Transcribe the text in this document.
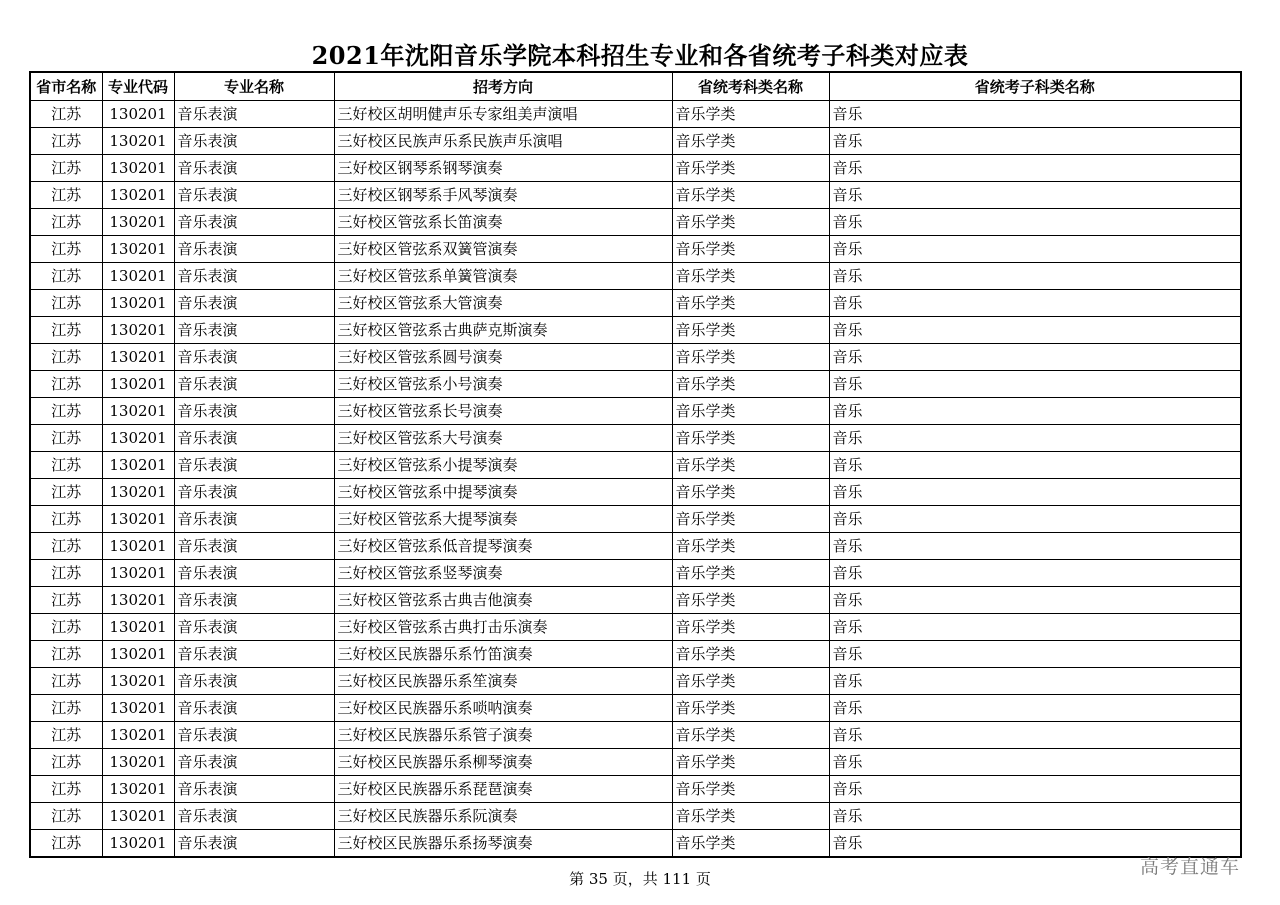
2021年沈阳音乐学院本科招生专业和各省统考子科类对应表
省市名称	专业代码	专业名称	招考方向	省统考科类名称	省统考子科类名称
江苏	130201	音乐表演	三好校区胡明健声乐专家组美声演唱	音乐学类	音乐
江苏	130201	音乐表演	三好校区民族声乐系民族声乐演唱	音乐学类	音乐
江苏	130201	音乐表演	三好校区钢琴系钢琴演奏	音乐学类	音乐
江苏	130201	音乐表演	三好校区钢琴系手风琴演奏	音乐学类	音乐
江苏	130201	音乐表演	三好校区管弦系长笛演奏	音乐学类	音乐
江苏	130201	音乐表演	三好校区管弦系双簧管演奏	音乐学类	音乐
江苏	130201	音乐表演	三好校区管弦系单簧管演奏	音乐学类	音乐
江苏	130201	音乐表演	三好校区管弦系大管演奏	音乐学类	音乐
江苏	130201	音乐表演	三好校区管弦系古典萨克斯演奏	音乐学类	音乐
江苏	130201	音乐表演	三好校区管弦系圆号演奏	音乐学类	音乐
江苏	130201	音乐表演	三好校区管弦系小号演奏	音乐学类	音乐
江苏	130201	音乐表演	三好校区管弦系长号演奏	音乐学类	音乐
江苏	130201	音乐表演	三好校区管弦系大号演奏	音乐学类	音乐
江苏	130201	音乐表演	三好校区管弦系小提琴演奏	音乐学类	音乐
江苏	130201	音乐表演	三好校区管弦系中提琴演奏	音乐学类	音乐
江苏	130201	音乐表演	三好校区管弦系大提琴演奏	音乐学类	音乐
江苏	130201	音乐表演	三好校区管弦系低音提琴演奏	音乐学类	音乐
江苏	130201	音乐表演	三好校区管弦系竖琴演奏	音乐学类	音乐
江苏	130201	音乐表演	三好校区管弦系古典吉他演奏	音乐学类	音乐
江苏	130201	音乐表演	三好校区管弦系古典打击乐演奏	音乐学类	音乐
江苏	130201	音乐表演	三好校区民族器乐系竹笛演奏	音乐学类	音乐
江苏	130201	音乐表演	三好校区民族器乐系笙演奏	音乐学类	音乐
江苏	130201	音乐表演	三好校区民族器乐系唢呐演奏	音乐学类	音乐
江苏	130201	音乐表演	三好校区民族器乐系管子演奏	音乐学类	音乐
江苏	130201	音乐表演	三好校区民族器乐系柳琴演奏	音乐学类	音乐
江苏	130201	音乐表演	三好校区民族器乐系琵琶演奏	音乐学类	音乐
江苏	130201	音乐表演	三好校区民族器乐系阮演奏	音乐学类	音乐
江苏	130201	音乐表演	三好校区民族器乐系扬琴演奏	音乐学类	音乐
第 35 页，共 111 页
高考直通车
